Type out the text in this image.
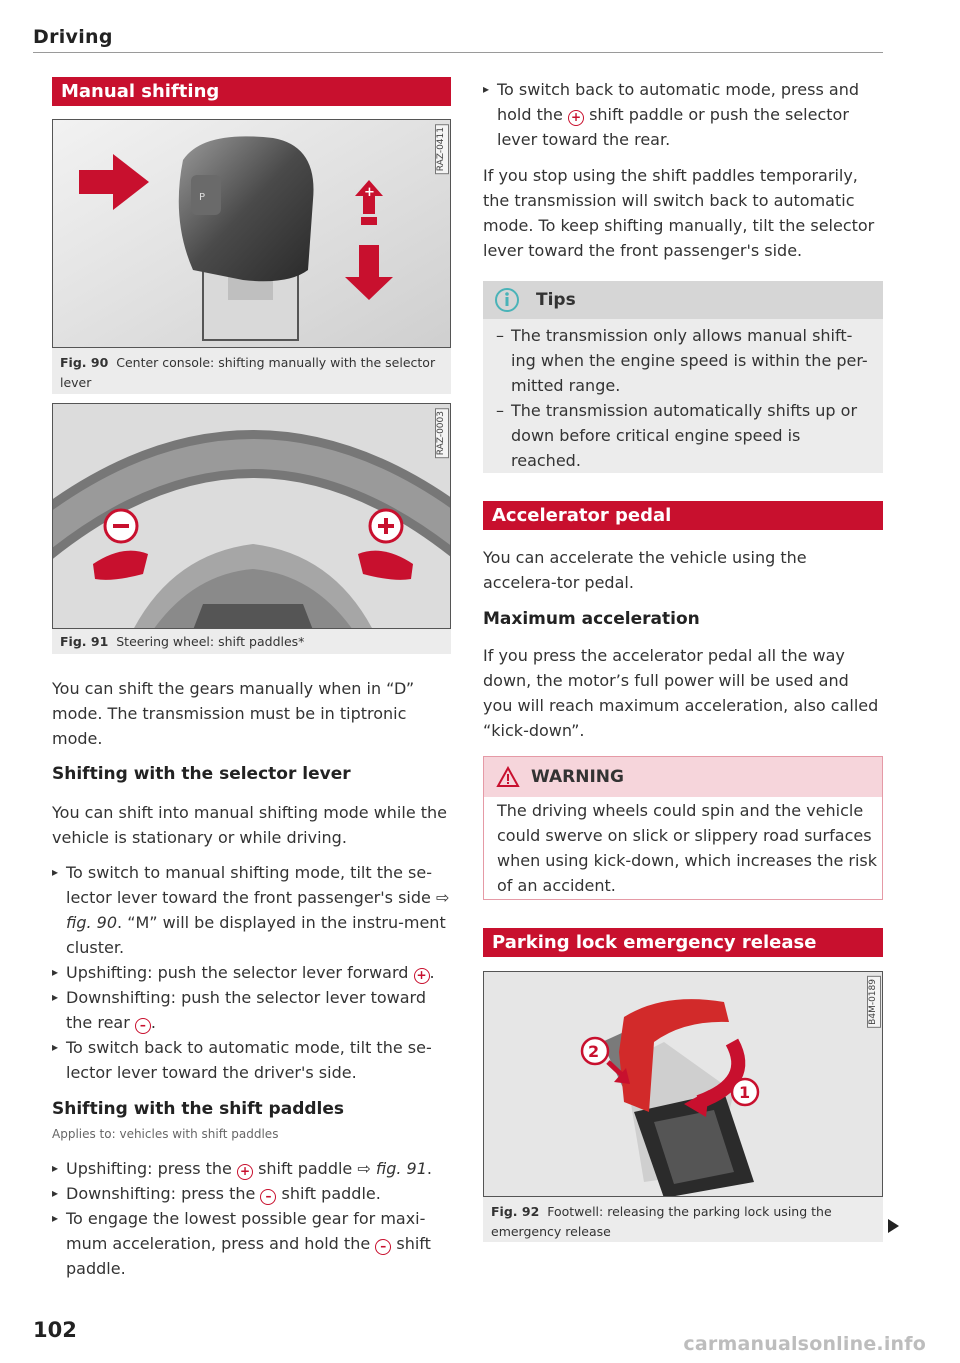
Driving
Manual shifting
P	+
RAZ-0411
Fig. 90 Center console: shifting manually with the selector lever
RAZ-0003
Fig. 91 Steering wheel: shift paddles*
You can shift the gears manually when in “D” mode. The transmission must be in tiptronic mode.
Shifting with the selector lever
You can shift into manual shifting mode while the vehicle is stationary or while driving.
▸ To switch to manual shifting mode, tilt the se-lector lever toward the front passenger's side ⇨ fig. 90. “M” will be displayed in the instru-ment cluster.
▸ Upshifting: push the selector lever forward + .
▸ Downshifting: push the selector lever toward the rear – .
▸ To switch back to automatic mode, tilt the se-lector lever toward the driver's side.
Shifting with the shift paddles
Applies to: vehicles with shift paddles
▸ Upshifting: press the + shift paddle ⇨ fig. 91.
▸ Downshifting: press the – shift paddle.
▸ To engage the lowest possible gear for maxi-mum acceleration, press and hold the – shift paddle.
▸ To switch back to automatic mode, press and hold the + shift paddle or push the selector lever toward the rear.
If you stop using the shift paddles temporarily, the transmission will switch back to automatic mode. To keep shifting manually, tilt the selector lever toward the front passenger's side.
Tips
– The transmission only allows manual shift-ing when the engine speed is within the per-mitted range.
– The transmission automatically shifts up or down before critical engine speed is reached.
Accelerator pedal
You can accelerate the vehicle using the accelera-tor pedal.
Maximum acceleration
If you press the accelerator pedal all the way down, the motor’s full power will be used and you will reach maximum acceleration, also called “kick-down”.
WARNING
The driving wheels could spin and the vehicle could swerve on slick or slippery road surfaces when using kick-down, which increases the risk of an accident.
Parking lock emergency release
2
1
B4M-0189
Fig. 92 Footwell: releasing the parking lock using the emergency release
102
carmanualsonline.info
